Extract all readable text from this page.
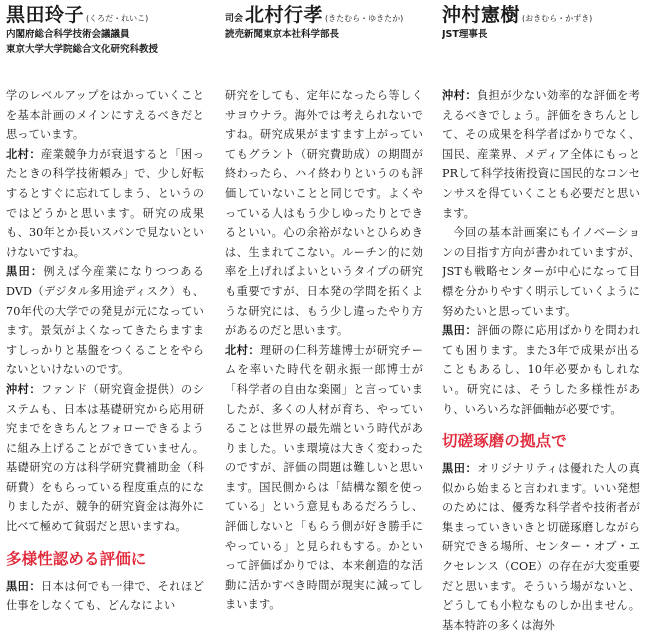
黒田玲子 (くろだ・れいこ)
内閣府総合科学技術会議議員
東京大学大学院総合文化研究科教授

学のレベルアップをはかっていくことを基本計画のメインにすえるべきだと思っています。

北村：産業競争力が衰退すると「困ったときの科学技術頼み」で、少し好転するとすぐに忘れてしまう、というのではどうかと思います。研究の成果も、30年とか長いスパンで見ないといけないですね。

黒田：例えば今産業になりつつあるDVD（デジタル多用途ディスク）も、70年代の大学での発見が元になっています。景気がよくなってきたらますますしっかりと基盤をつくることをやらないといけないのです。

沖村：ファンド（研究資金提供）のシステムも、日本は基礎研究から応用研究までをきちんとフォローできるように組み上げることができていません。基礎研究の方は科学研究費補助金（科研費）をもらっている程度重点的になりましたが、競争的研究資金は海外に比べて極めて貧弱だと思いますね。

多様性認める評価に

黒田：日本は何でも一律で、それほど仕事をしなくても、どんなによい

司会 北村行孝 (きたむら・ゆきたか)
読売新聞東京本社科学部長

研究をしても、定年になったら等しくサヨウナラ。海外では考えられないですね。研究成果がますます上がっていてもグラント（研究費助成）の期間が終わったら、ハイ終わりというのも評価していないことと同じです。よくやっている人はもう少しゆったりとできるといい。心の余裕がないとひらめきは、生まれてこない。ルーチン的に効率を上げればよいというタイプの研究も重要ですが、日本発の学問を拓くような研究には、もう少し違ったやり方があるのだと思います。

北村：理研の仁科芳雄博士が研究チームを率いた時代を朝永振一郎博士が「科学者の自由な楽園」と言っていましたが、多くの人材が育ち、やっていることは世界の最先端という時代がありました。いま環境は大きく変わったのですが、評価の問題は難しいと思います。国民側からは「結構な額を使っている」という意見もあるだろうし、評価しないと「もらう側が好き勝手にやっている」と見られもする。かといって評価ばかりでは、本来創造的な活動に活かすべき時間が現実に減ってしまいます。

沖村憲樹 (おきむら・かずき)
JST理事長

沖村：負担が少ない効率的な評価を考えるべきでしょう。評価をきちんとして、その成果を科学者ばかりでなく、国民、産業界、メディア全体にもっとPRして科学技術投資に国民的なコンセンサスを得ていくことも必要だと思います。

今回の基本計画案にもイノベーションの目指す方向が書かれていますが、JSTも戦略センターが中心になって目標を分かりやすく明示していくように努めたいと思っています。

黒田：評価の際に応用ばかりを問われても困ります。また3年で成果が出ることもあるし、10年必要かもしれない。研究には、そうした多様性があり、いろいろな評価軸が必要です。

切磋琢磨の拠点で

黒田：オリジナリティは優れた人の真似から始まると言われます。いい発想のためには、優秀な科学者や技術者が集まっていきいきと切磋琢磨しながら研究できる場所、センター・オブ・エクセレンス（COE）の存在が大変重要だと思います。そういう場がないと、どうしても小粒なものしか出ません。基本特許の多くは海外
